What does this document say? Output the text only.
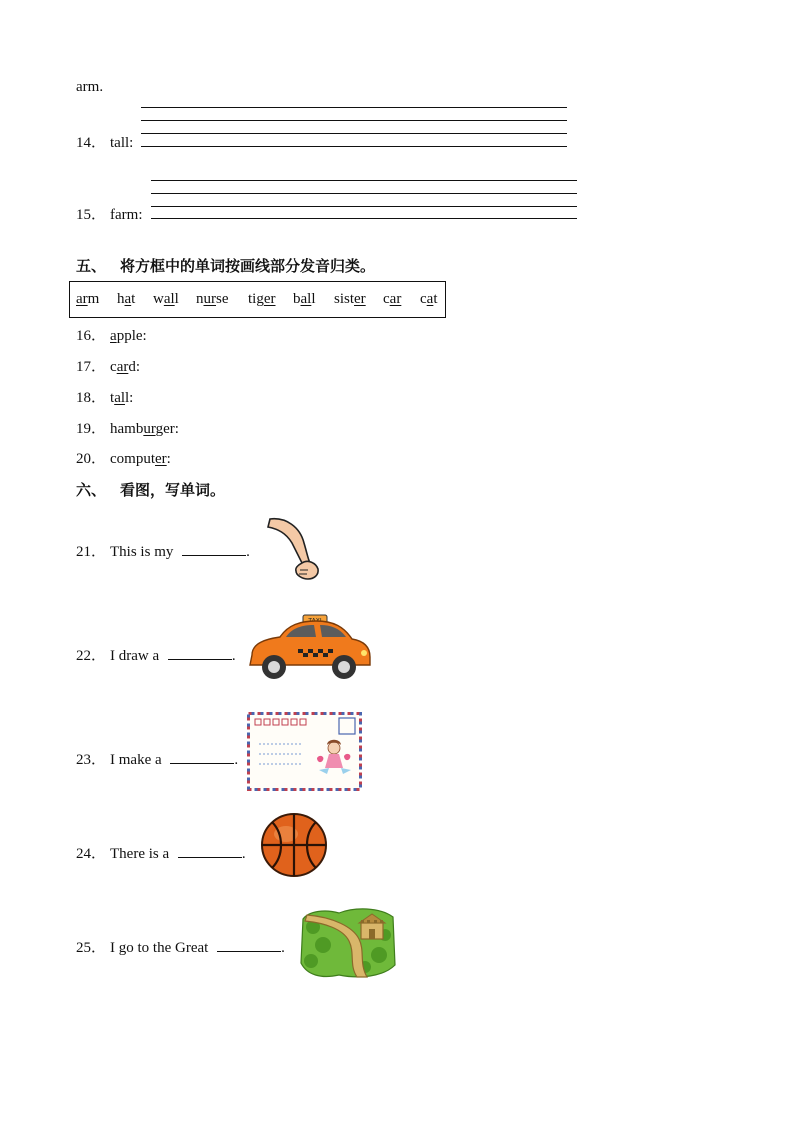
arm.
14． tall:
15． farm:
五、 将方框中的单词按画线部分发音归类。
arm hat wall nurse tiger ball sister car cat
16． apple:
17． card:
18． tall:
19． hamburger:
20． computer:
六、 看图，写单词。
21． This is my	.
22． I draw a	.
23． I make a	.
24． There is a	.
25． I go to the Great	.
